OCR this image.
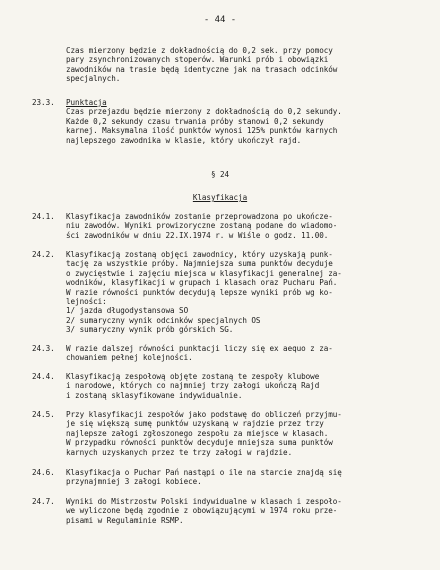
- 44 -
Czas mierzony będzie z dokładnością do 0,2 sek. przy pomocy
pary zsynchronizowanych stoperów. Warunki prób i obowiązki
zawodników na trasie będą identyczne jak na trasach odcinków
specjalnych.
23.3.	Punktacja
Czas przejazdu będzie mierzony z dokładnością do 0,2 sekundy.
Każde 0,2 sekundy czasu trwania próby stanowi 0,2 sekundy
karnej. Maksymalna ilość punktów wynosi 125% punktów karnych
najlepszego zawodnika w klasie, który ukończył rajd.
§ 24
Klasyfikacja
24.1.	Klasyfikacja zawodników zostanie przeprowadzona po ukończe-
niu zawodów. Wyniki prowizoryczne zostaną podane do wiadomo-
ści zawodników w dniu 22.IX.1974 r. w Wiśle o godz. 11.00.
24.2.	Klasyfikacją zostaną objęci zawodnicy, który uzyskają punk-
tację za wszystkie próby. Najmniejsza suma punktów decyduje
o zwycięstwie i zajęciu miejsca w klasyfikacji generalnej za-
wodników, klasyfikacji w grupach i klasach oraz Pucharu Pań.
W razie równości punktów decydują lepsze wyniki prób wg ko-
lejności:
1/ jazda długodystansowa SO
2/ sumaryczny wynik odcinków specjalnych OS
3/ sumaryczny wynik prób górskich SG.
24.3.	W razie dalszej równości punktacji liczy się ex aequo z za-
chowaniem pełnej kolejności.
24.4.	Klasyfikacją zespołową objęte zostaną te zespoły klubowe
i narodowe, których co najmniej trzy załogi ukończą Rajd
i zostaną sklasyfikowane indywidualnie.
24.5.	Przy klasyfikacji zespołów jako podstawę do obliczeń przyjmu-
je się większą sumę punktów uzyskaną w rajdzie przez trzy
najlepsze załogi zgłoszonego zespołu za miejsce w klasach.
W przypadku równości punktów decyduje mniejsza suma punktów
karnych uzyskanych przez te trzy załogi w rajdzie.
24.6.	Klasyfikacja o Puchar Pań nastąpi o ile na starcie znajdą się
przynajmniej 3 załogi kobiece.
24.7.	Wyniki do Mistrzostw Polski indywidualne w klasach i zespoło-
we wyliczone będą zgodnie z obowiązującymi w 1974 roku prze-
pisami w Regulaminie RSMP.
